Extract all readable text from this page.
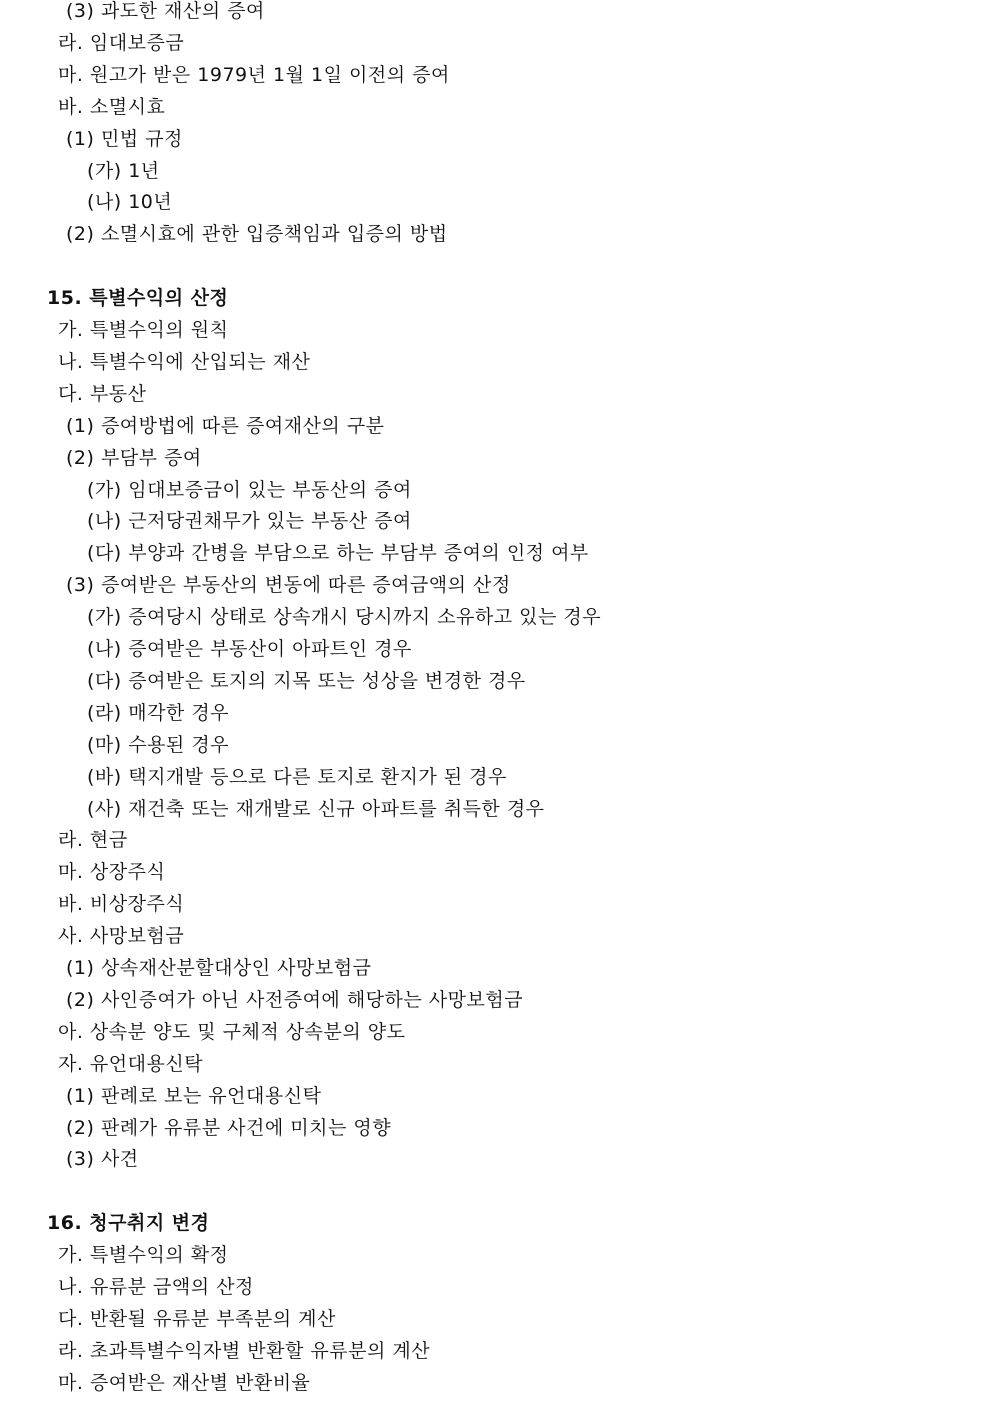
(3) 과도한 재산의 증여
라. 임대보증금
마. 원고가 받은 1979년 1월 1일 이전의 증여
바. 소멸시효
(1) 민법 규정
(가) 1년
(나) 10년
(2) 소멸시효에 관한 입증책임과 입증의 방법
15. 특별수익의 산정
가. 특별수익의 원칙
나. 특별수익에 산입되는 재산
다. 부동산
(1) 증여방법에 따른 증여재산의 구분
(2) 부담부 증여
(가) 임대보증금이 있는 부동산의 증여
(나) 근저당권채무가 있는 부동산 증여
(다) 부양과 간병을 부담으로 하는 부담부 증여의 인정 여부
(3) 증여받은 부동산의 변동에 따른 증여금액의 산정
(가) 증여당시 상태로 상속개시 당시까지 소유하고 있는 경우
(나) 증여받은 부동산이 아파트인 경우
(다) 증여받은 토지의 지목 또는 성상을 변경한 경우
(라) 매각한 경우
(마) 수용된 경우
(바) 택지개발 등으로 다른 토지로 환지가 된 경우
(사) 재건축 또는 재개발로 신규 아파트를 취득한 경우
라. 현금
마. 상장주식
바. 비상장주식
사. 사망보험금
(1) 상속재산분할대상인 사망보험금
(2) 사인증여가 아닌 사전증여에 해당하는 사망보험금
아. 상속분 양도 및 구체적 상속분의 양도
자. 유언대용신탁
(1) 판례로 보는 유언대용신탁
(2) 판례가 유류분 사건에 미치는 영향
(3) 사견
16. 청구취지 변경
가. 특별수익의 확정
나. 유류분 금액의 산정
다. 반환될 유류분 부족분의 계산
라. 초과특별수익자별 반환할 유류분의 계산
마. 증여받은 재산별 반환비율
